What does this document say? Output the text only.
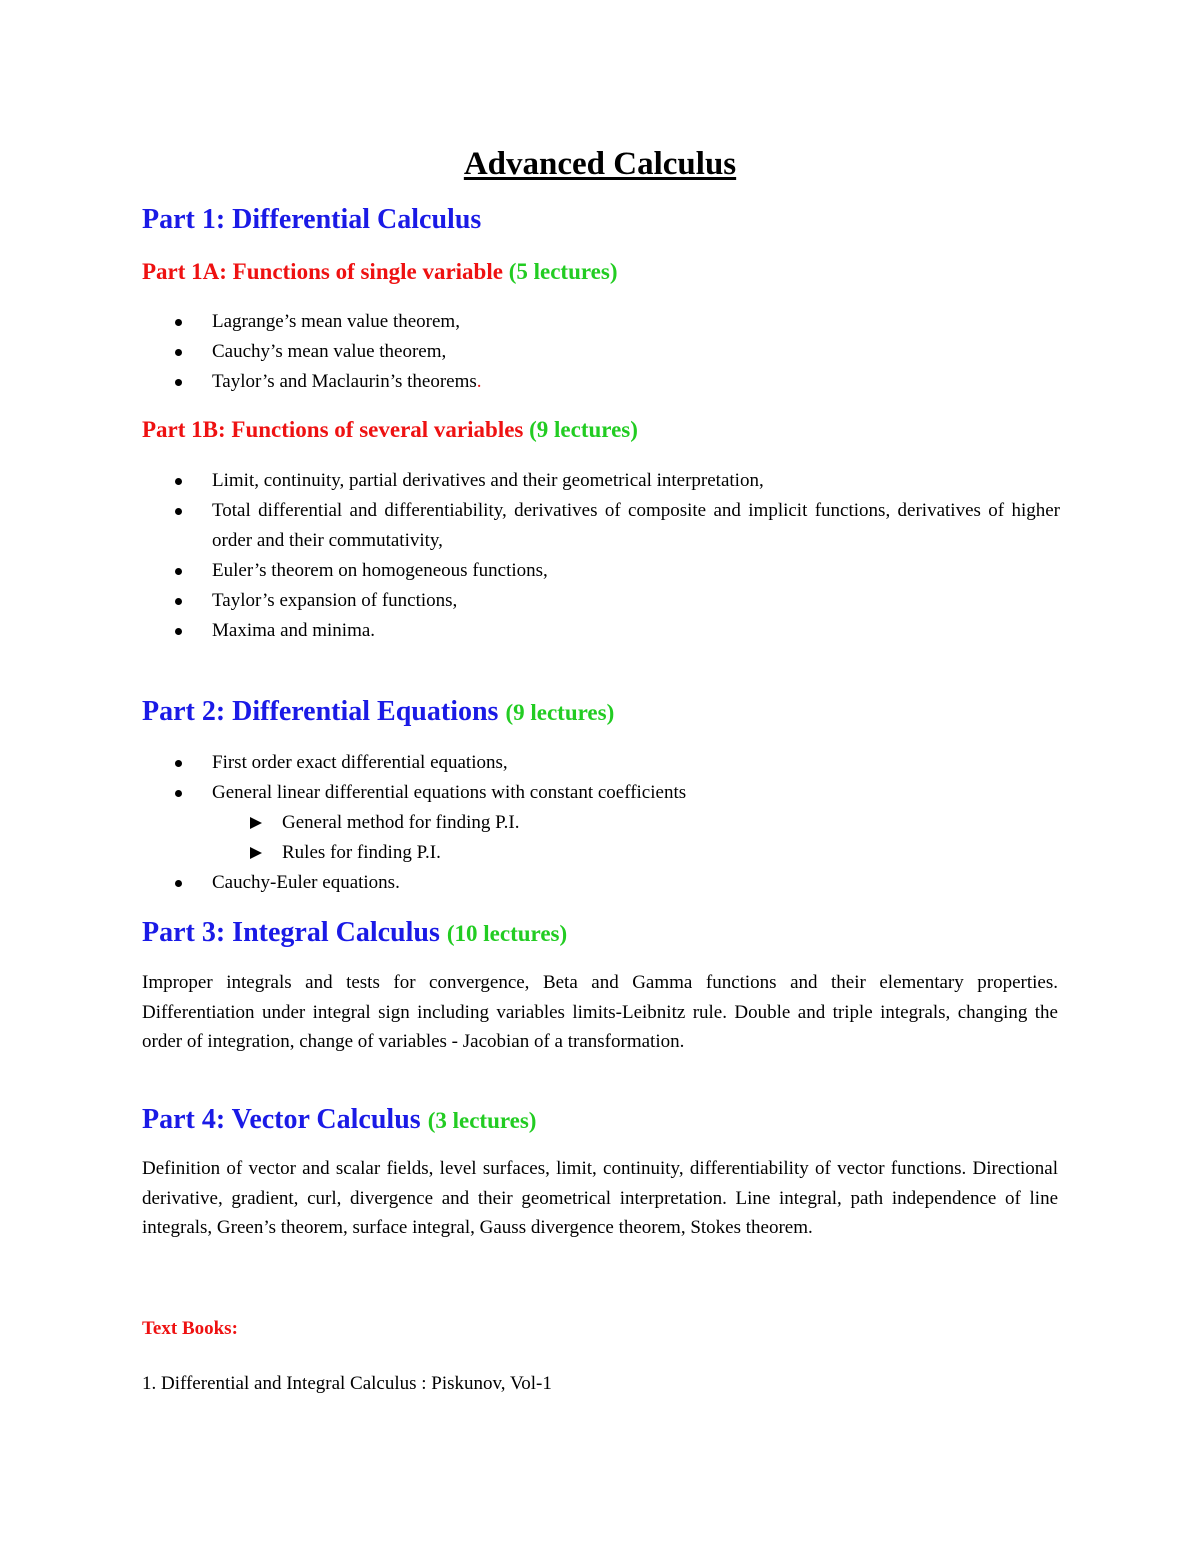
Advanced Calculus
Part 1: Differential Calculus
Part 1A: Functions of single variable (5 lectures)
Lagrange’s mean value theorem,
Cauchy’s mean value theorem,
Taylor’s and Maclaurin’s theorems.
Part 1B: Functions of several variables (9 lectures)
Limit, continuity, partial derivatives and their geometrical interpretation,
Total differential and differentiability, derivatives of composite and implicit functions, derivatives of higher order and their commutativity,
Euler’s theorem on homogeneous functions,
Taylor’s expansion of functions,
Maxima and minima.
Part 2: Differential Equations (9 lectures)
First order exact differential equations,
General linear differential equations with constant coefficients
General method for finding P.I.
Rules for finding P.I.
Cauchy-Euler equations.
Part 3: Integral Calculus (10 lectures)
Improper integrals and tests for convergence, Beta and Gamma functions and their elementary properties. Differentiation under integral sign including variables limits-Leibnitz rule. Double and triple integrals, changing the order of integration, change of variables - Jacobian of a transformation.
Part 4: Vector Calculus (3 lectures)
Definition of vector and scalar fields, level surfaces, limit, continuity, differentiability of vector functions. Directional derivative, gradient, curl, divergence and their geometrical interpretation. Line integral, path independence of line integrals, Green’s theorem, surface integral, Gauss divergence theorem, Stokes theorem.
Text Books:
1. Differential and Integral Calculus : Piskunov, Vol-1
